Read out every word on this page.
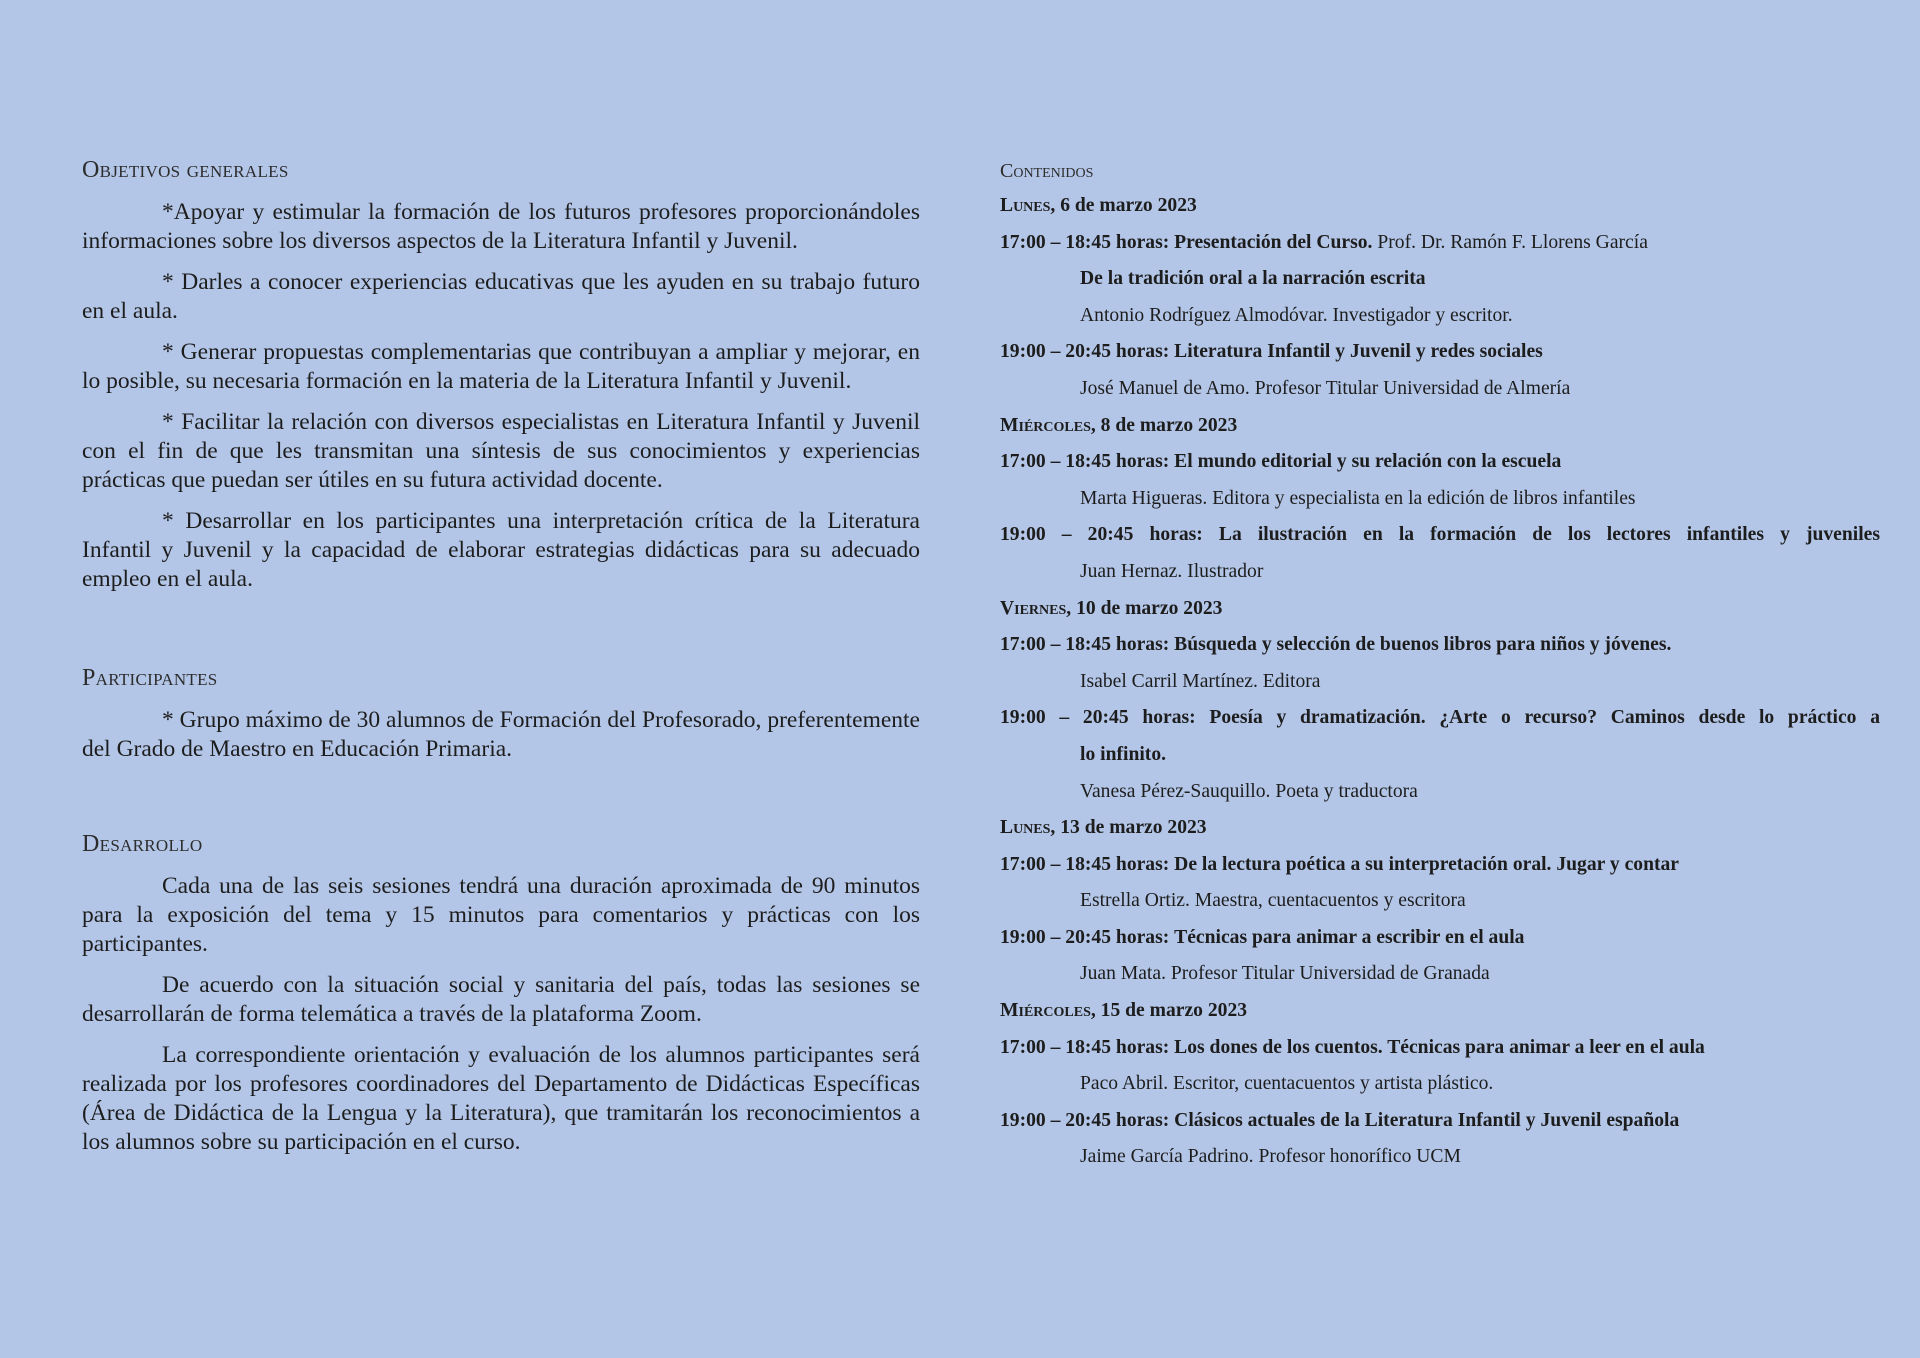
Objetivos generales

*Apoyar y estimular la formación de los futuros profesores proporcionándoles informaciones sobre los diversos aspectos de la Literatura Infantil y Juvenil.

* Darles a conocer experiencias educativas que les ayuden en su trabajo futuro en el aula.

* Generar propuestas complementarias que contribuyan a ampliar y mejorar, en lo posible, su necesaria formación en la materia de la Literatura Infantil y Juvenil.

* Facilitar la relación con diversos especialistas en Literatura Infantil y Juvenil con el fin de que les transmitan una síntesis de sus conocimientos y experiencias prácticas que puedan ser útiles en su futura actividad docente.

* Desarrollar en los participantes una interpretación crítica de la Literatura Infantil y Juvenil y la capacidad de elaborar estrategias didácticas para su adecuado empleo en el aula.

Participantes

* Grupo máximo de 30 alumnos de Formación del Profesorado, preferentemente del Grado de Maestro en Educación Primaria.

Desarrollo

Cada una de las seis sesiones tendrá una duración aproximada de 90 minutos para la exposición del tema y 15 minutos para comentarios y prácticas con los participantes.

De acuerdo con la situación social y sanitaria del país, todas las sesiones se desarrollarán de forma telemática a través de la plataforma Zoom.

La correspondiente orientación y evaluación de los alumnos participantes será realizada por los profesores coordinadores del Departamento de Didácticas Específicas (Área de Didáctica de la Lengua y la Literatura), que tramitarán los reconocimientos a los alumnos sobre su participación en el curso.

Contenidos
Lunes, 6 de marzo 2023
17:00 – 18:45 horas: Presentación del Curso. Prof. Dr. Ramón F. Llorens García
De la tradición oral a la narración escrita
Antonio Rodríguez Almodóvar. Investigador y escritor.
19:00 – 20:45 horas: Literatura Infantil y Juvenil y redes sociales
José Manuel de Amo. Profesor Titular Universidad de Almería
Miércoles, 8 de marzo 2023
17:00 – 18:45 horas: El mundo editorial y su relación con la escuela
Marta Higueras. Editora y especialista en la edición de libros infantiles
19:00 – 20:45 horas: La ilustración en la formación de los lectores infantiles y juveniles
Juan Hernaz. Ilustrador
Viernes, 10 de marzo 2023
17:00 – 18:45 horas: Búsqueda y selección de buenos libros para niños y jóvenes.
Isabel Carril Martínez. Editora
19:00 – 20:45 horas: Poesía y dramatización. ¿Arte o recurso? Caminos desde lo práctico a
lo infinito.
Vanesa Pérez-Sauquillo. Poeta y traductora
Lunes, 13 de marzo 2023
17:00 – 18:45 horas: De la lectura poética a su interpretación oral. Jugar y contar
Estrella Ortiz. Maestra, cuentacuentos y escritora
19:00 – 20:45 horas: Técnicas para animar a escribir en el aula
Juan Mata. Profesor Titular Universidad de Granada
Miércoles, 15 de marzo 2023
17:00 – 18:45 horas: Los dones de los cuentos. Técnicas para animar a leer en el aula
Paco Abril. Escritor, cuentacuentos y artista plástico.
19:00 – 20:45 horas: Clásicos actuales de la Literatura Infantil y Juvenil española
Jaime García Padrino. Profesor honorífico UCM
